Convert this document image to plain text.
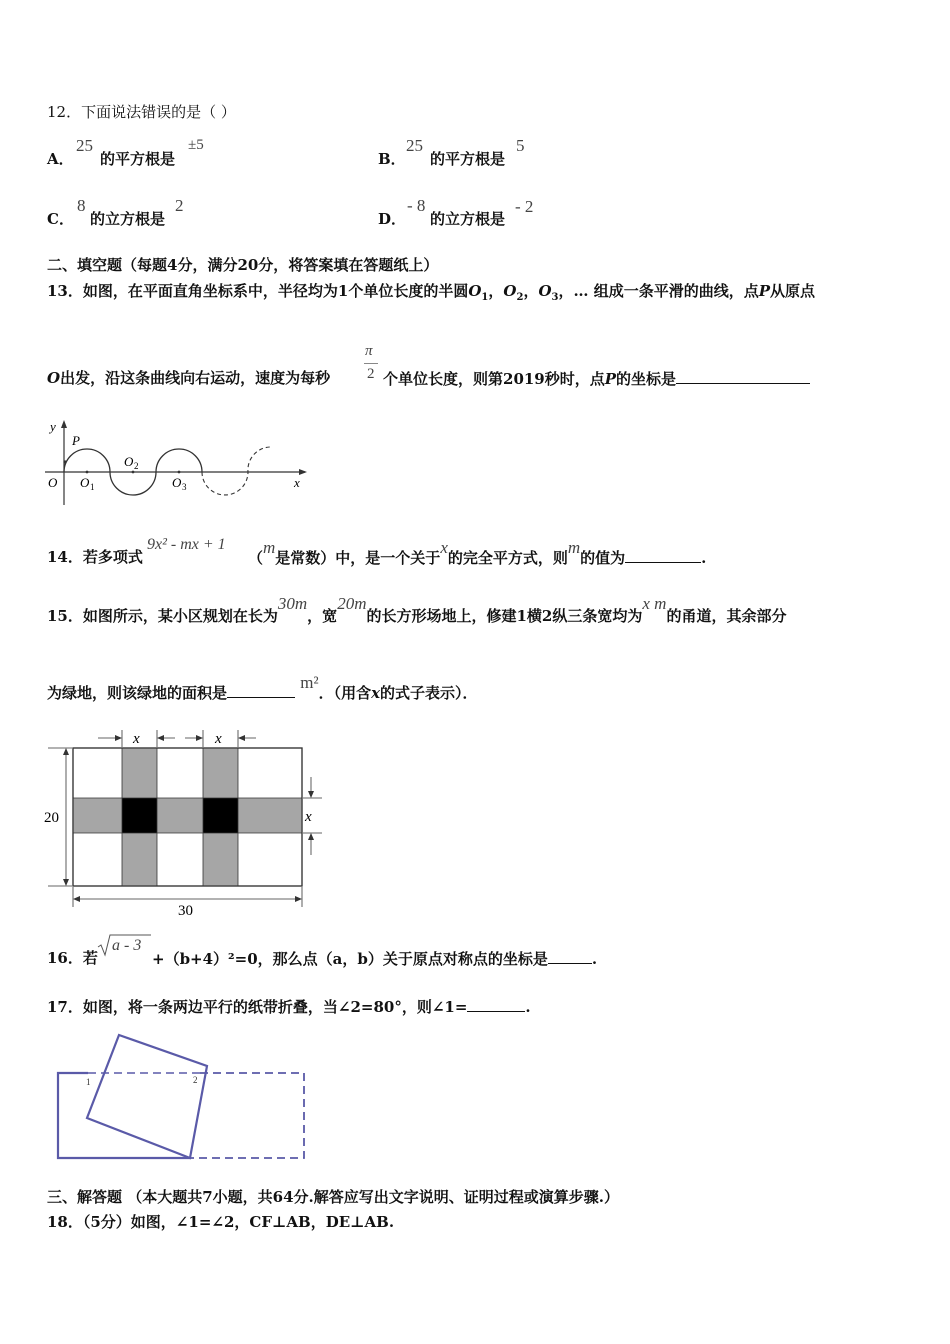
12．下面说法错误的是（ ）
A．
25
的平方根是
±5
B．
25
的平方根是
5
C．
8
的立方根是
2
D．
- 8
的立方根是
- 2
二、填空题（每题4分，满分20分，将答案填在答题纸上）
13．如图，在平面直角坐标系中，半径均为1个单位长度的半圆$O_1$，$O_2$，$O_3$，… 组成一条平滑的曲线，点P从原点
π
2
O出发，沿这条曲线向右运动，速度为每秒	个单位长度，则第2019秒时，点P的坐标是
y
P
O O 1
O 2
O 3	x
14．若多项式
9x² - mx + 1
（m是常数）中，是一个关于x的完全平方式，则m的值为	.
15．如图所示，某小区规划在长为30m，宽20m的长方形场地上，修建1横2纵三条宽均为x m的甬道，其余部分
为绿地，则该绿地的面积是 m²．（用含x的式子表示）．
x	x
x
20
30
16．若
a - 3
+（b+4）²=0，那么点（a，b）关于原点对称点的坐标是	.
17．如图，将一条两边平行的纸带折叠，当∠2=80°，则∠1=	.
1	2
三、解答题 （本大题共7小题，共64分.解答应写出文字说明、证明过程或演算步骤.）
18．（5分）如图，∠1=∠2，CF⊥AB，DE⊥AB.
